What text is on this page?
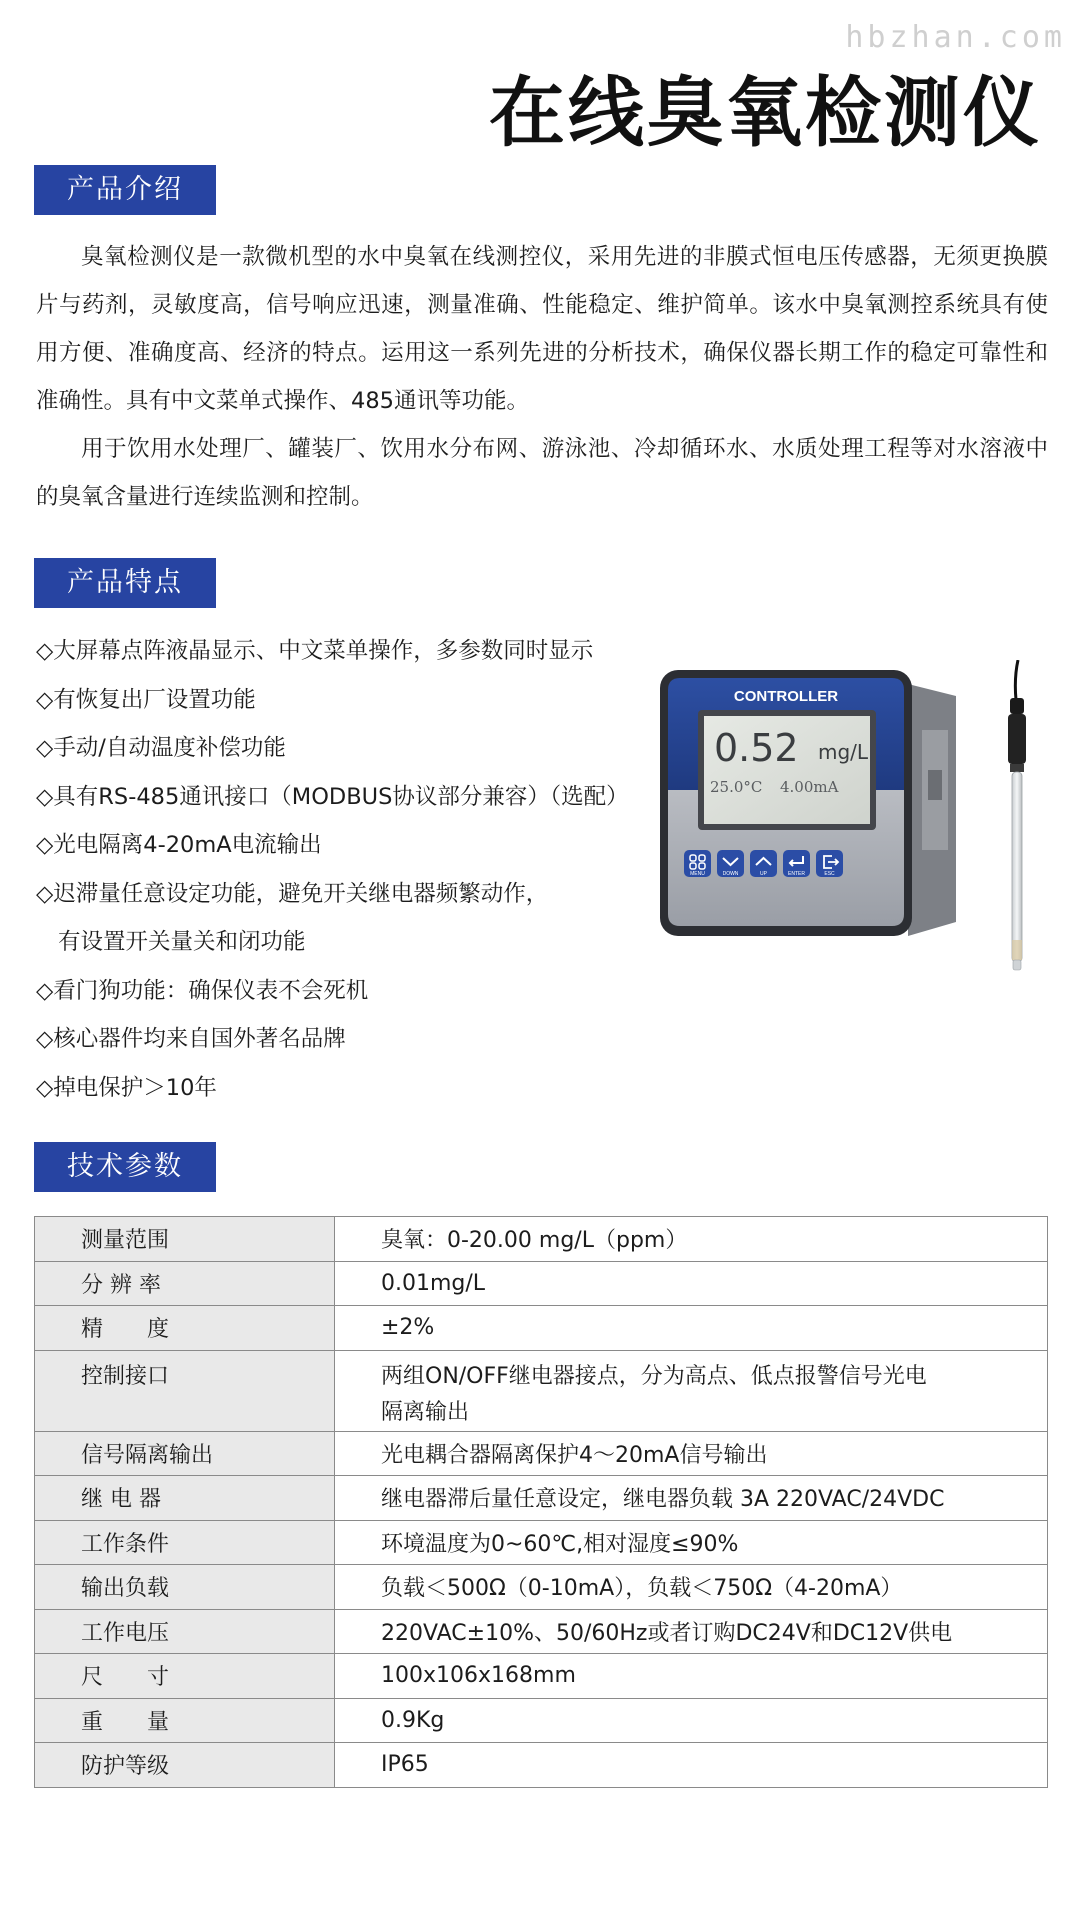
hbzhan.com
在线臭氧检测仪
产品介绍

臭氧检测仪是一款微机型的水中臭氧在线测控仪，采用先进的非膜式恒电压传感器，无须更换膜片与药剂，灵敏度高，信号响应迅速，测量准确、性能稳定、维护简单。该水中臭氧测控系统具有使用方便、准确度高、经济的特点。运用这一系列先进的分析技术，确保仪器长期工作的稳定可靠性和准确性。具有中文菜单式操作、485通讯等功能。

用于饮用水处理厂、罐装厂、饮用水分布网、游泳池、冷却循环水、水质处理工程等对水溶液中的臭氧含量进行连续监测和控制。

产品特点
◇大屏幕点阵液晶显示、中文菜单操作，多参数同时显示
◇有恢复出厂设置功能
◇手动/自动温度补偿功能
◇具有RS-485通讯接口（MODBUS协议部分兼容）（选配）
◇光电隔离4-20mA电流输出
◇迟滞量任意设定功能，避免开关继电器频繁动作，
有设置开关量关和闭功能
◇看门狗功能：确保仪表不会死机
◇核心器件均来自国外著名品牌
◇掉电保护＞10年
CONTROLLER
0.52 mg/L
25.0°C 4.00mA
MENU	DOWN	UP	ENTER	ESC
技术参数
测量范围	臭氧：0-20.00 mg/L（ppm）
分 辨 率	0.01mg/L
精　　度	±2%
控制接口	两组ON/OFF继电器接点，分为高点、低点报警信号光电
隔离输出

信号隔离输出	光电耦合器隔离保护4～20mA信号输出
继 电 器	继电器滞后量任意设定，继电器负载 3A 220VAC/24VDC
工作条件	环境温度为0~60℃,相对湿度≤90%
输出负载	负载＜500Ω（0-10mA），负载＜750Ω（4-20mA）
工作电压	220VAC±10%、50/60Hz或者订购DC24V和DC12V供电
尺　　寸	100x106x168mm
重　　量	0.9Kg
防护等级	IP65
